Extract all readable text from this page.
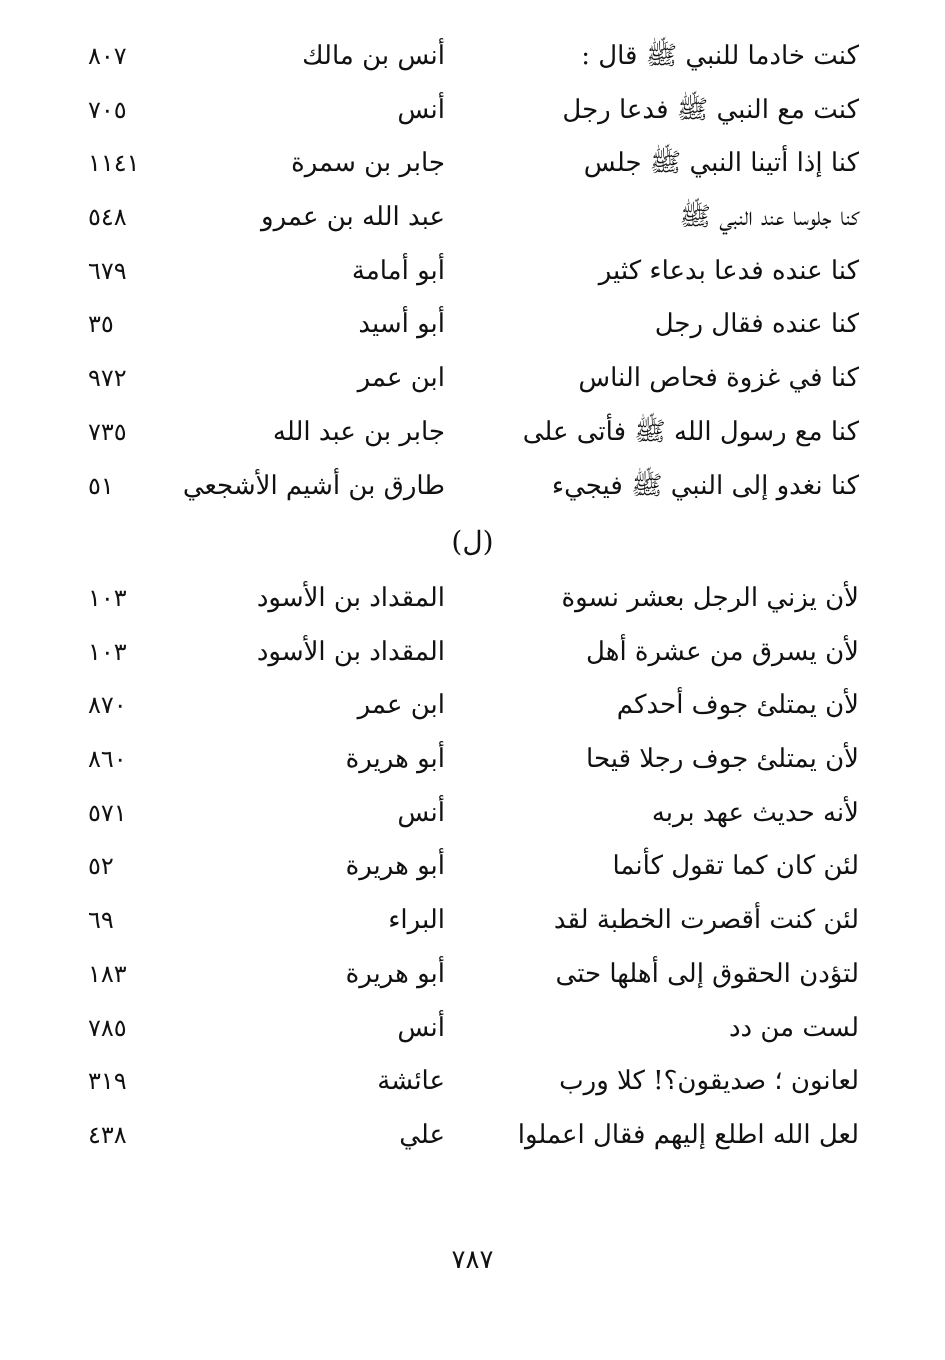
كنت خادما للنبي ﷺ قال :
أنس بن مالك
٨٠٧
كنت مع النبي ﷺ فدعا رجل
أنس
٧٠٥
كنا إذا أتينا النبي ﷺ جلس
جابر بن سمرة
١١٤١
كنا جلوسا عند النبي ﷺ
عبد الله بن عمرو
٥٤٨
كنا عنده فدعا بدعاء كثير
أبو أمامة
٦٧٩
كنا عنده فقال رجل
أبو أسيد
٣٥
كنا في غزوة فحاص الناس
ابن عمر
٩٧٢
كنا مع رسول الله ﷺ فأتى على
جابر بن عبد الله
٧٣٥
كنا نغدو إلى النبي ﷺ فيجيء
طارق بن أشيم الأشجعي
٥١
(ل)
لأن يزني الرجل بعشر نسوة
المقداد بن الأسود
١٠٣
لأن يسرق من عشرة أهل
المقداد بن الأسود
١٠٣
لأن يمتلئ جوف أحدكم
ابن عمر
٨٧٠
لأن يمتلئ جوف رجلا قيحا
أبو هريرة
٨٦٠
لأنه حديث عهد بربه
أنس
٥٧١
لئن كان كما تقول كأنما
أبو هريرة
٥٢
لئن كنت أقصرت الخطبة لقد
البراء
٦٩
لتؤدن الحقوق إلى أهلها حتى
أبو هريرة
١٨٣
لست من دد
أنس
٧٨٥
لعانون ؛ صديقون؟! كلا ورب
عائشة
٣١٩
لعل الله اطلع إليهم فقال اعملوا
علي
٤٣٨
٧٨٧
